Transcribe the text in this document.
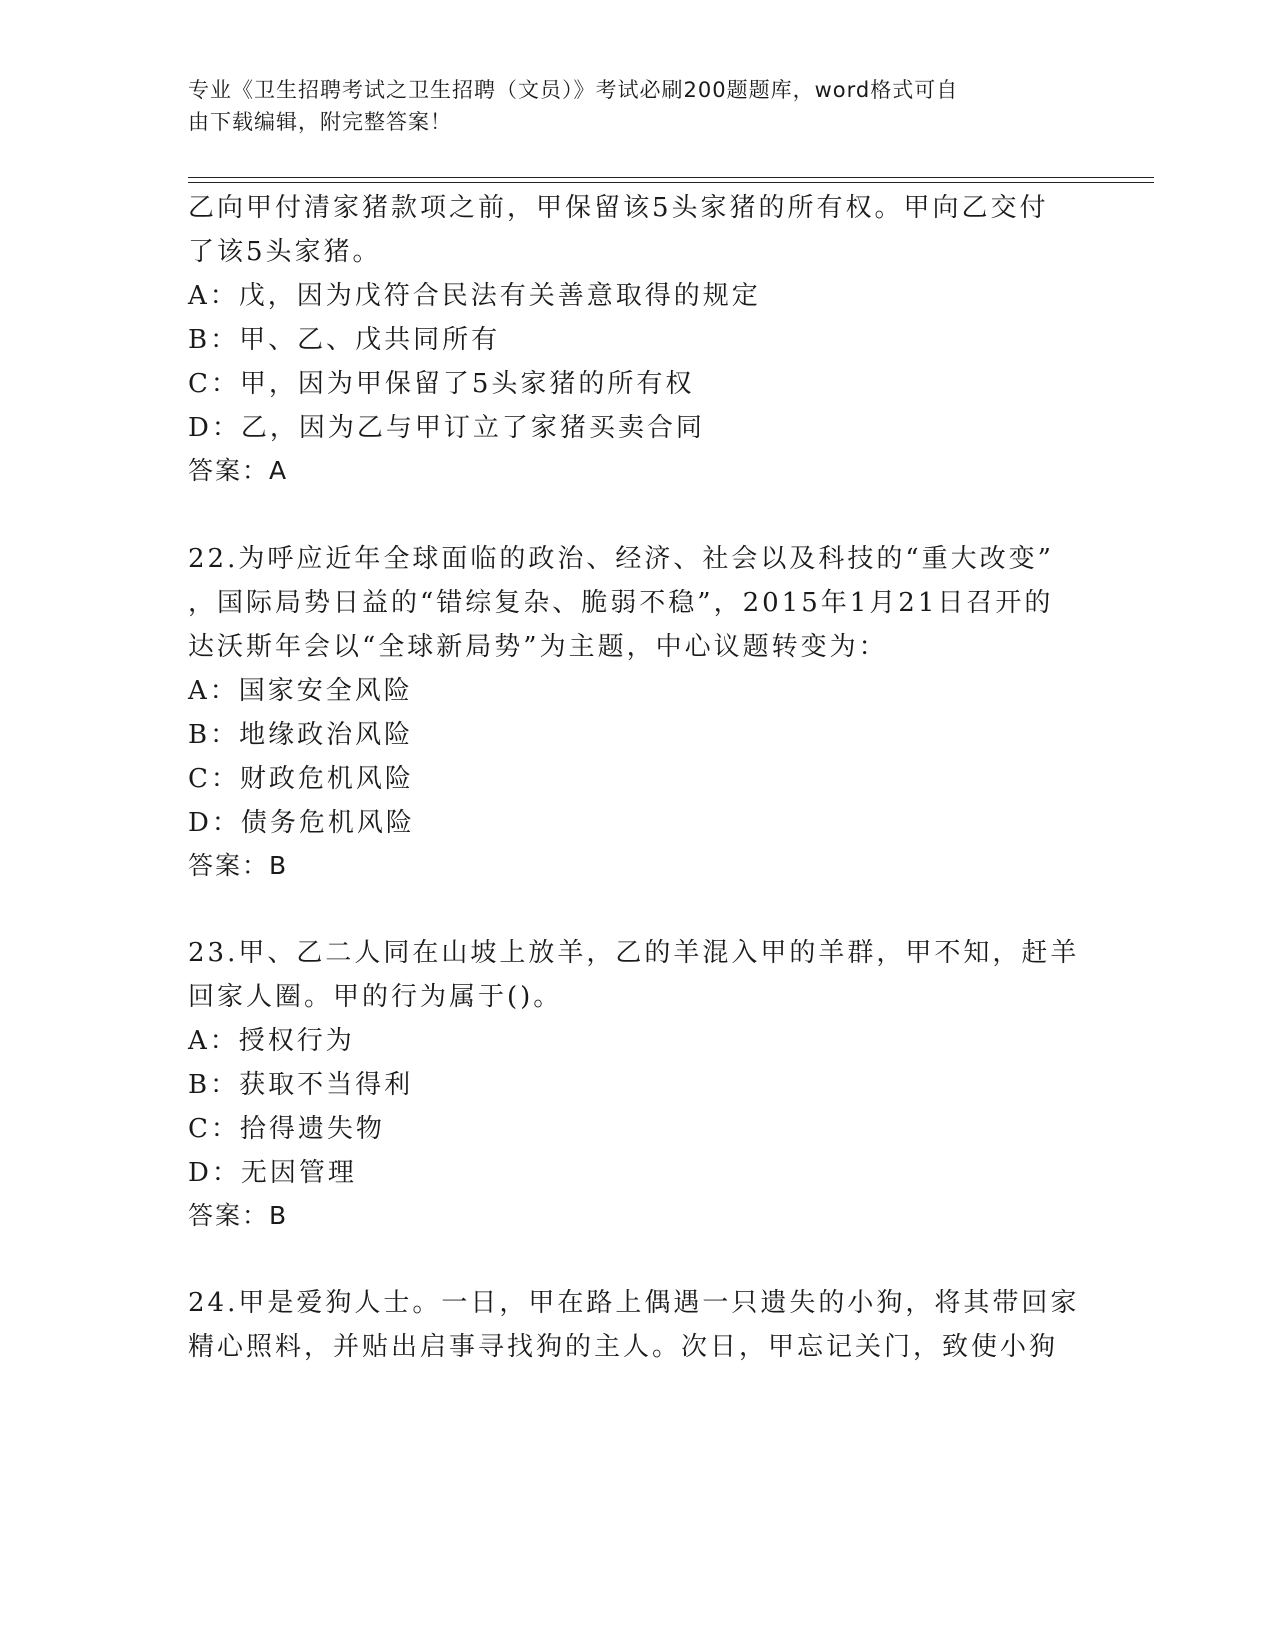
专业《卫生招聘考试之卫生招聘（文员）》考试必刷200题题库，word格式可自
由下载编辑，附完整答案！
乙向甲付清家猪款项之前，甲保留该5头家猪的所有权。甲向乙交付
了该5头家猪。
A：戊，因为戊符合民法有关善意取得的规定
B：甲、乙、戊共同所有
C：甲，因为甲保留了5头家猪的所有权
D：乙，因为乙与甲订立了家猪买卖合同
答案：A
22.为呼应近年全球面临的政治、经济、社会以及科技的“重大改变”
，国际局势日益的“错综复杂、脆弱不稳”，2015年1月21日召开的
达沃斯年会以“全球新局势”为主题，中心议题转变为：
A：国家安全风险
B：地缘政治风险
C：财政危机风险
D：债务危机风险
答案：B
23.甲、乙二人同在山坡上放羊，乙的羊混入甲的羊群，甲不知，赶羊
回家人圈。甲的行为属于()。
A：授权行为
B：获取不当得利
C：拾得遗失物
D：无因管理
答案：B
24.甲是爱狗人士。一日，甲在路上偶遇一只遗失的小狗，将其带回家
精心照料，并贴出启事寻找狗的主人。次日，甲忘记关门，致使小狗
